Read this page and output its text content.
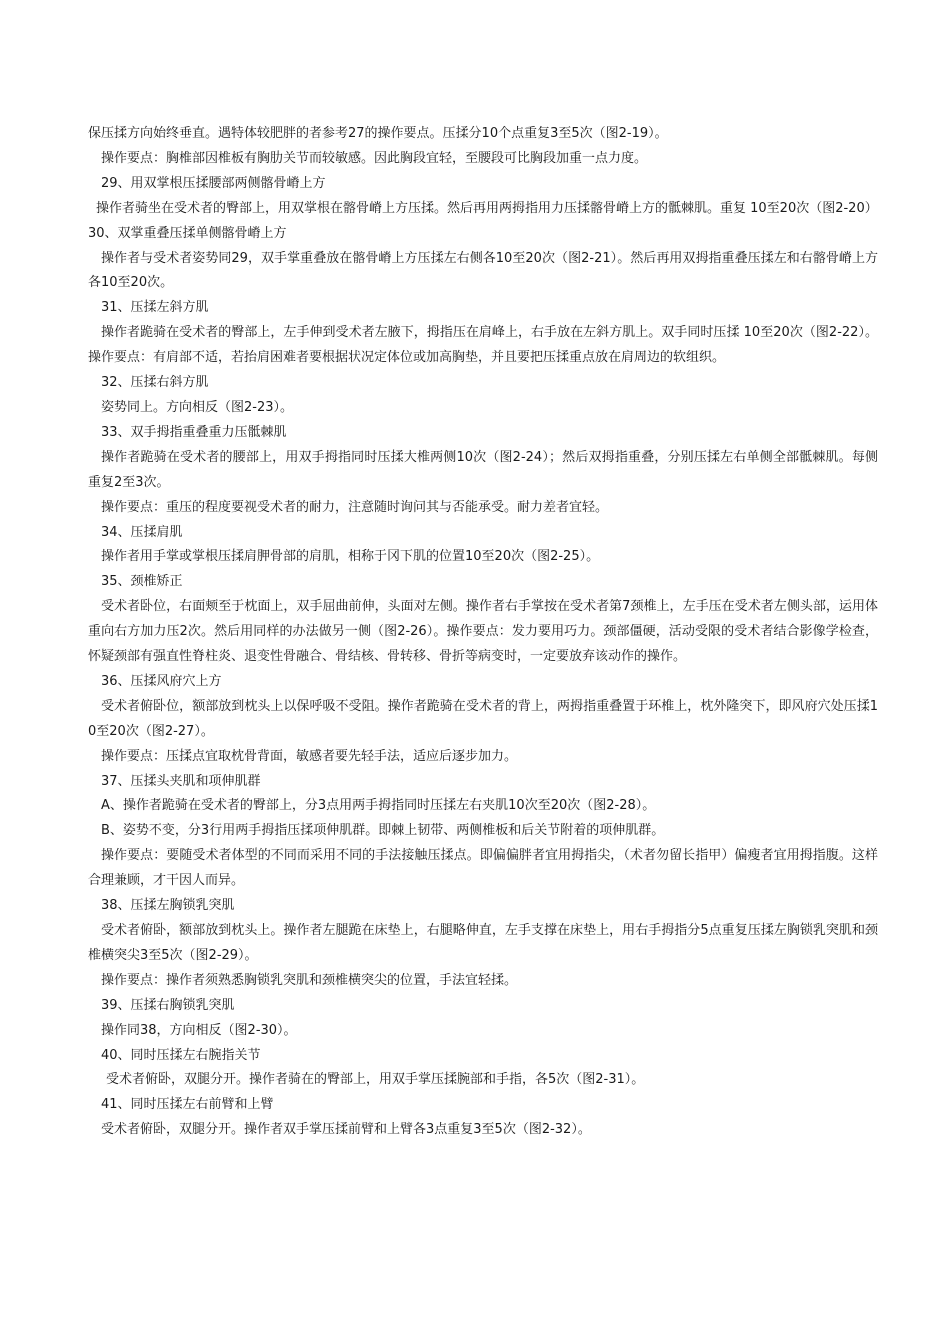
保压揉方向始终垂直。遇特体较肥胖的者参考27的操作要点。压揉分10个点重复3至5次（图2-19）。

操作要点：胸椎部因椎板有胸肋关节而较敏感。因此胸段宜轻，至腰段可比胸段加重一点力度。

29、用双掌根压揉腰部两侧髂骨嵴上方

操作者骑坐在受术者的臀部上，用双掌根在髂骨嵴上方压揉。然后再用两拇指用力压揉髂骨嵴上方的骶棘肌。重复 10至20次（图2-20）

30、双掌重叠压揉单侧髂骨嵴上方

操作者与受术者姿势同29，双手掌重叠放在髂骨嵴上方压揉左右侧各10至20次（图2-21）。然后再用双拇指重叠压揉左和右髂骨嵴上方各10至20次。

31、压揉左斜方肌

操作者跪骑在受术者的臀部上，左手伸到受术者左腋下，拇指压在肩峰上，右手放在左斜方肌上。双手同时压揉 10至20次（图2-22）。操作要点：有肩部不适，若抬肩困难者要根据状况定体位或加高胸垫，并且要把压揉重点放在肩周边的软组织。

32、压揉右斜方肌

姿势同上。方向相反（图2-23）。

33、双手拇指重叠重力压骶棘肌

操作者跪骑在受术者的腰部上，用双手拇指同时压揉大椎两侧10次（图2-24）；然后双拇指重叠，分别压揉左右单侧全部骶棘肌。每侧重复2至3次。

操作要点：重压的程度要视受术者的耐力，注意随时询问其与否能承受。耐力差者宜轻。

34、压揉肩肌

操作者用手掌或掌根压揉肩胛骨部的肩肌，相称于冈下肌的位置10至20次（图2-25）。

35、颈椎矫正

受术者卧位，右面颊至于枕面上，双手屈曲前伸，头面对左侧。操作者右手掌按在受术者第7颈椎上，左手压在受术者左侧头部，运用体重向右方加力压2次。然后用同样的办法做另一侧（图2-26）。操作要点：发力要用巧力。颈部僵硬，活动受限的受术者结合影像学检查，怀疑颈部有强直性脊柱炎、退变性骨融合、骨结核、骨转移、骨折等病变时，一定要放弃该动作的操作。

36、压揉风府穴上方

受术者俯卧位，额部放到枕头上以保呼吸不受阻。操作者跪骑在受术者的背上，两拇指重叠置于环椎上，枕外隆突下，即风府穴处压揉10至20次（图2-27）。

操作要点：压揉点宜取枕骨背面，敏感者要先轻手法，适应后逐步加力。

37、压揉头夹肌和项伸肌群

A、操作者跪骑在受术者的臀部上，分3点用两手拇指同时压揉左右夹肌10次至20次（图2-28）。

B、姿势不变，分3行用两手拇指压揉项伸肌群。即棘上韧带、两侧椎板和后关节附着的项伸肌群。

操作要点：要随受术者体型的不同而采用不同的手法接触压揉点。即偏偏胖者宜用拇指尖，（术者勿留长指甲）偏瘦者宜用拇指腹。这样合理兼顾，才干因人而异。

38、压揉左胸锁乳突肌

受术者俯卧，额部放到枕头上。操作者左腿跪在床垫上，右腿略伸直，左手支撑在床垫上，用右手拇指分5点重复压揉左胸锁乳突肌和颈椎横突尖3至5次（图2-29）。

操作要点：操作者须熟悉胸锁乳突肌和颈椎横突尖的位置，手法宜轻揉。

39、压揉右胸锁乳突肌

操作同38，方向相反（图2-30）。

40、同时压揉左右腕指关节

受术者俯卧，双腿分开。操作者骑在的臀部上，用双手掌压揉腕部和手指，各5次（图2-31）。

41、同时压揉左右前臂和上臂

受术者俯卧，双腿分开。操作者双手掌压揉前臂和上臂各3点重复3至5次（图2-32）。
